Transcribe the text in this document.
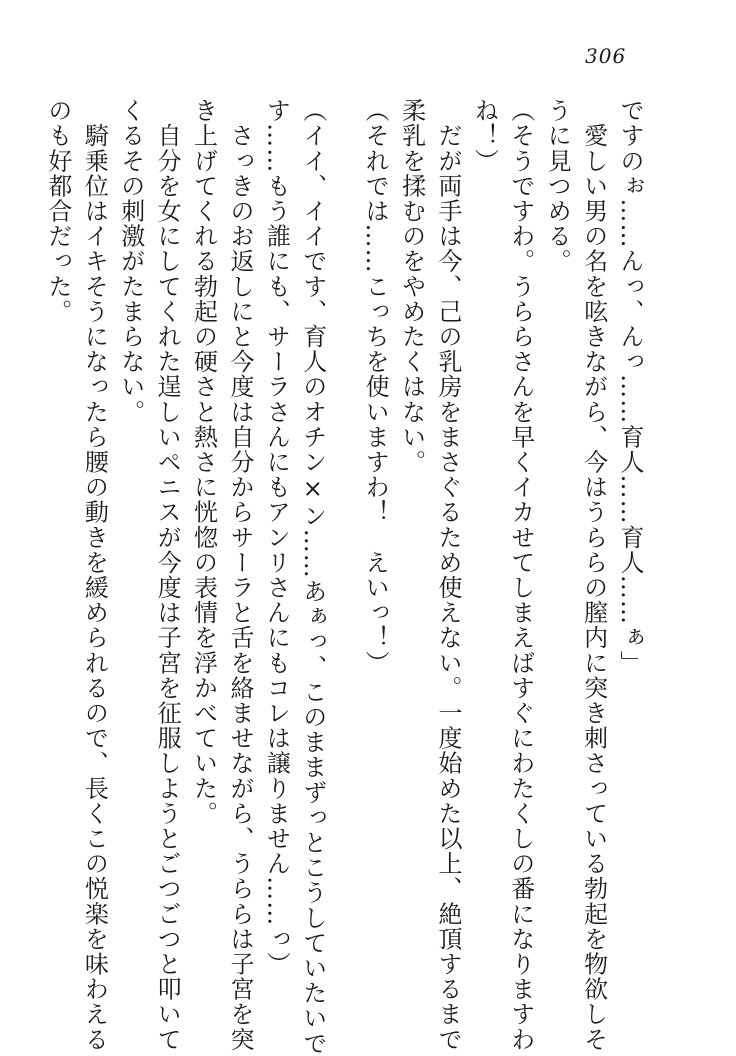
306
ですのぉ……んっ、んっ……育人……育人……ぁ」
　愛しい男の名を呟きながら、今はうららの膣内に突き刺さっている勃起を物欲しそ
うに見つめる。
（そうですわ。うららさんを早くイカせてしまえばすぐにわたくしの番になりますわ
ね！）
　だが両手は今、己の乳房をまさぐるため使えない。一度始めた以上、絶頂するまで
柔乳を揉むのをやめたくはない。
（それでは……こっちを使いますわ！　えいっ！）
（イイ、イイです、育人のオチン×ン……あぁっ、このままずっとこうしていたいで
す……もう誰にも、サーラさんにもアンリさんにもコレは譲りません……っ）
　さっきのお返しにと今度は自分からサーラと舌を絡ませながら、うららは子宮を突
き上げてくれる勃起の硬さと熱さに恍惚の表情を浮かべていた。
　自分を女にしてくれた逞しいペニスが今度は子宮を征服しようとごつごつと叩いて
くるその刺激がたまらない。
　騎乗位はイキそうになったら腰の動きを緩められるので、長くこの悦楽を味わえる
のも好都合だった。
